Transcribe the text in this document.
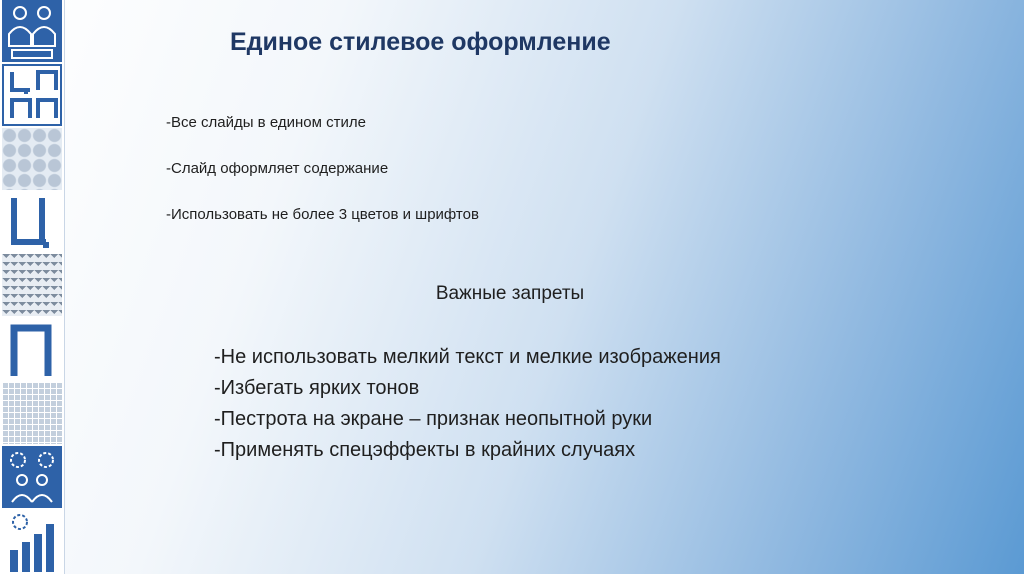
Единое стилевое оформление
-Все слайды в едином стиле
-Слайд оформляет содержание
-Использовать не более 3 цветов и шрифтов
Важные запреты
-Не использовать мелкий текст и мелкие изображения
-Избегать ярких тонов
-Пестрота на экране – признак неопытной руки
-Применять спецэффекты в крайних случаях
